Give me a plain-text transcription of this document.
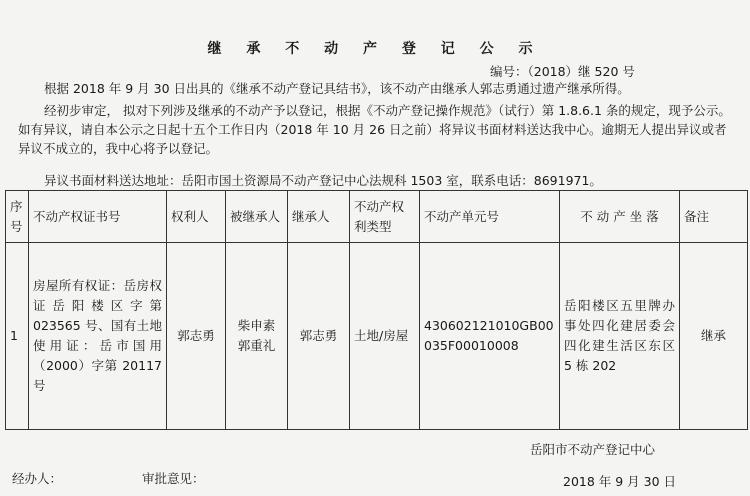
继 承 不 动 产 登 记 公 示
编号：（2018）继 520 号
根据 2018 年 9 月 30 日出具的《继承不动产登记具结书》，该不动产由继承人郭志勇通过遗产继承所得。
经初步审定， 拟对下列涉及继承的不动产予以登记，根据《不动产登记操作规范》（试行）第 1.8.6.1 条的规定，现予公示。如有异议，请自本公示之日起十五个工作日内（2018 年 10 月 26 日之前）将异议书面材料送达我中心。逾期无人提出异议或者异议不成立的，我中心将予以登记。
异议书面材料送达地址：岳阳市国土资源局不动产登记中心法规科 1503 室，联系电话：8691971。
序号	不动产权证书号	权利人	被继承人	继承人	不动产权利类型	不动产单元号	不 动 产 坐 落	备注
1	房屋所有权证：岳房权证岳阳楼区字第 023565 号、国有土地使用证：岳市国用（2000）字第 20117 号	郭志勇	柴申素
郭重礼	郭志勇	土地/房屋	430602121010GB00035F00010008	岳阳楼区五里牌办事处四化建居委会四化建生活区东区 5 栋 202	继承
岳阳市不动产登记中心
经办人：	审批意见：	2018 年 9 月 30 日
